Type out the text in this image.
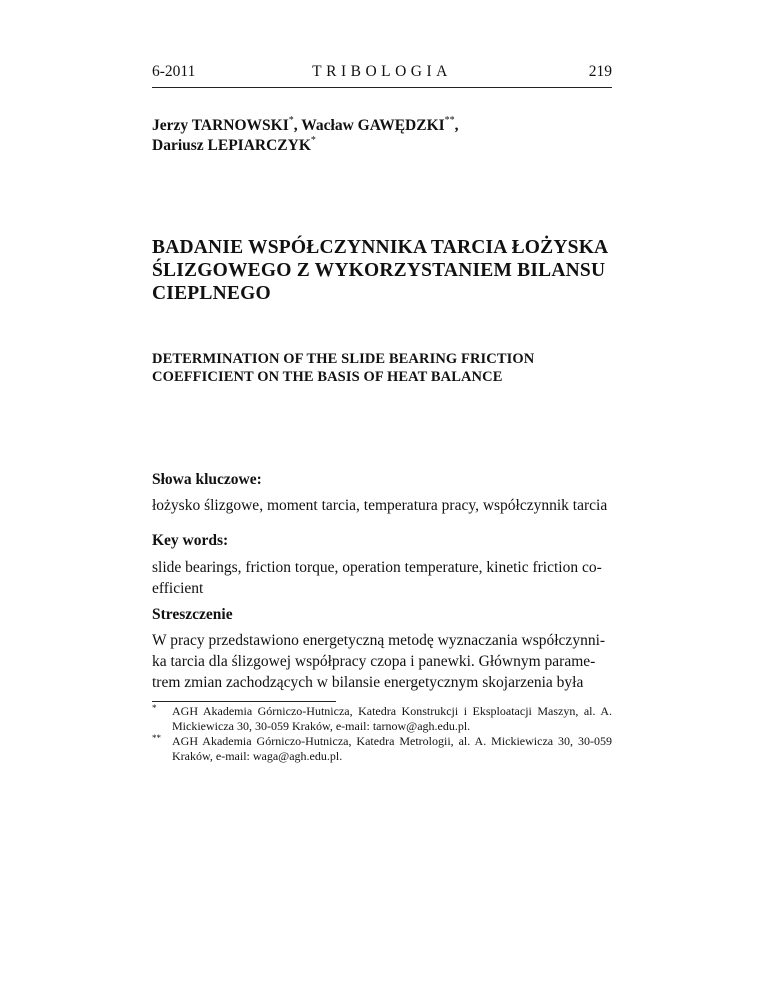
6-2011	TRIBOLOGIA	219
Jerzy TARNOWSKI*, Wacław GAWĘDZKI**,
Dariusz LEPIARCZYK*
BADANIE WSPÓŁCZYNNIKA TARCIA ŁOŻYSKA
ŚLIZGOWEGO Z WYKORZYSTANIEM BILANSU
CIEPLNEGO
DETERMINATION OF THE SLIDE BEARING FRICTION
COEFFICIENT ON THE BASIS OF HEAT BALANCE
Słowa kluczowe:
łożysko ślizgowe, moment tarcia, temperatura pracy, współczynnik tarcia
Key words:
slide bearings, friction torque, operation temperature, kinetic friction co-
efficient
Streszczenie
W pracy przedstawiono energetyczną metodę wyznaczania współczynni-
ka tarcia dla ślizgowej współpracy czopa i panewki. Głównym parame-
trem zmian zachodzących w bilansie energetycznym skojarzenia była
* AGH Akademia Górniczo-Hutnicza, Katedra Konstrukcji i Eksploatacji Maszyn, al. A. Mickiewicza 30, 30-059 Kraków, e-mail: tarnow@agh.edu.pl.
** AGH Akademia Górniczo-Hutnicza, Katedra Metrologii, al. A. Mickiewicza 30, 30-059 Kraków, e-mail: waga@agh.edu.pl.
